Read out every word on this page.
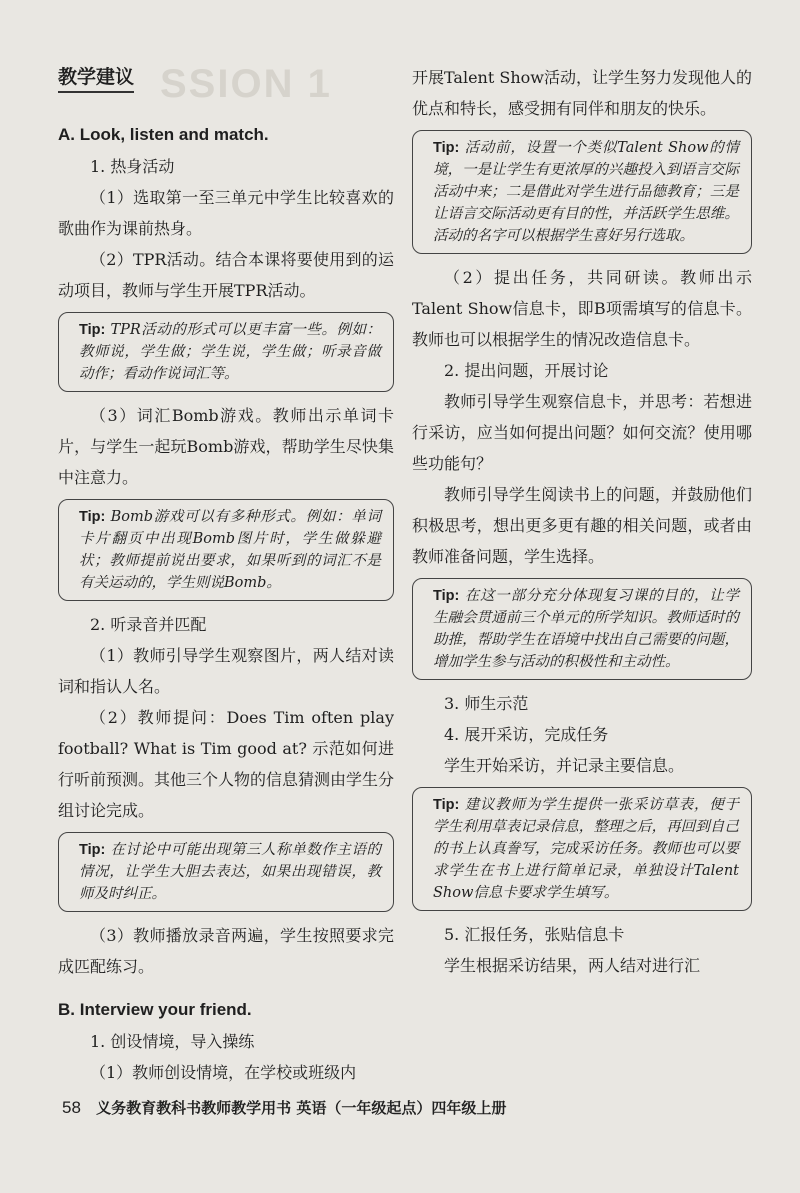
SSION 1
教学建议
A. Look, listen and match.

1. 热身活动

（1）选取第一至三单元中学生比较喜欢的歌曲作为课前热身。

（2）TPR活动。结合本课将要使用到的运动项目，教师与学生开展TPR活动。

Tip: TPR活动的形式可以更丰富一些。例如：教师说，学生做；学生说，学生做；听录音做动作；看动作说词汇等。

（3）词汇Bomb游戏。教师出示单词卡片，与学生一起玩Bomb游戏，帮助学生尽快集中注意力。

Tip: Bomb游戏可以有多种形式。例如：单词卡片翻页中出现Bomb图片时，学生做躲避状；教师提前说出要求，如果听到的词汇不是有关运动的，学生则说Bomb。

2. 听录音并匹配

（1）教师引导学生观察图片，两人结对读词和指认人名。

（2）教师提问：Does Tim often play football? What is Tim good at? 示范如何进行听前预测。其他三个人物的信息猜测由学生分组讨论完成。

Tip: 在讨论中可能出现第三人称单数作主语的情况，让学生大胆去表达，如果出现错误，教师及时纠正。

（3）教师播放录音两遍，学生按照要求完成匹配练习。

B. Interview your friend.

1. 创设情境，导入操练

（1）教师创设情境，在学校或班级内

开展Talent Show活动，让学生努力发现他人的优点和特长，感受拥有同伴和朋友的快乐。

Tip: 活动前，设置一个类似Talent Show的情境，一是让学生有更浓厚的兴趣投入到语言交际活动中来；二是借此对学生进行品德教育；三是让语言交际活动更有目的性，并活跃学生思维。活动的名字可以根据学生喜好另行选取。

（2）提出任务，共同研读。教师出示Talent Show信息卡，即B项需填写的信息卡。教师也可以根据学生的情况改造信息卡。

2. 提出问题，开展讨论

教师引导学生观察信息卡，并思考：若想进行采访，应当如何提出问题？如何交流？使用哪些功能句？

教师引导学生阅读书上的问题，并鼓励他们积极思考，想出更多更有趣的相关问题，或者由教师准备问题，学生选择。

Tip: 在这一部分充分体现复习课的目的，让学生融会贯通前三个单元的所学知识。教师适时的助推，帮助学生在语境中找出自己需要的问题，增加学生参与活动的积极性和主动性。

3. 师生示范

4. 展开采访，完成任务

学生开始采访，并记录主要信息。

Tip: 建议教师为学生提供一张采访草表，便于学生利用草表记录信息，整理之后，再回到自己的书上认真誊写，完成采访任务。教师也可以要求学生在书上进行简单记录，单独设计Talent Show信息卡要求学生填写。

5. 汇报任务，张贴信息卡

学生根据采访结果，两人结对进行汇

58 义务教育教科书教师教学用书 英语（一年级起点）四年级上册
